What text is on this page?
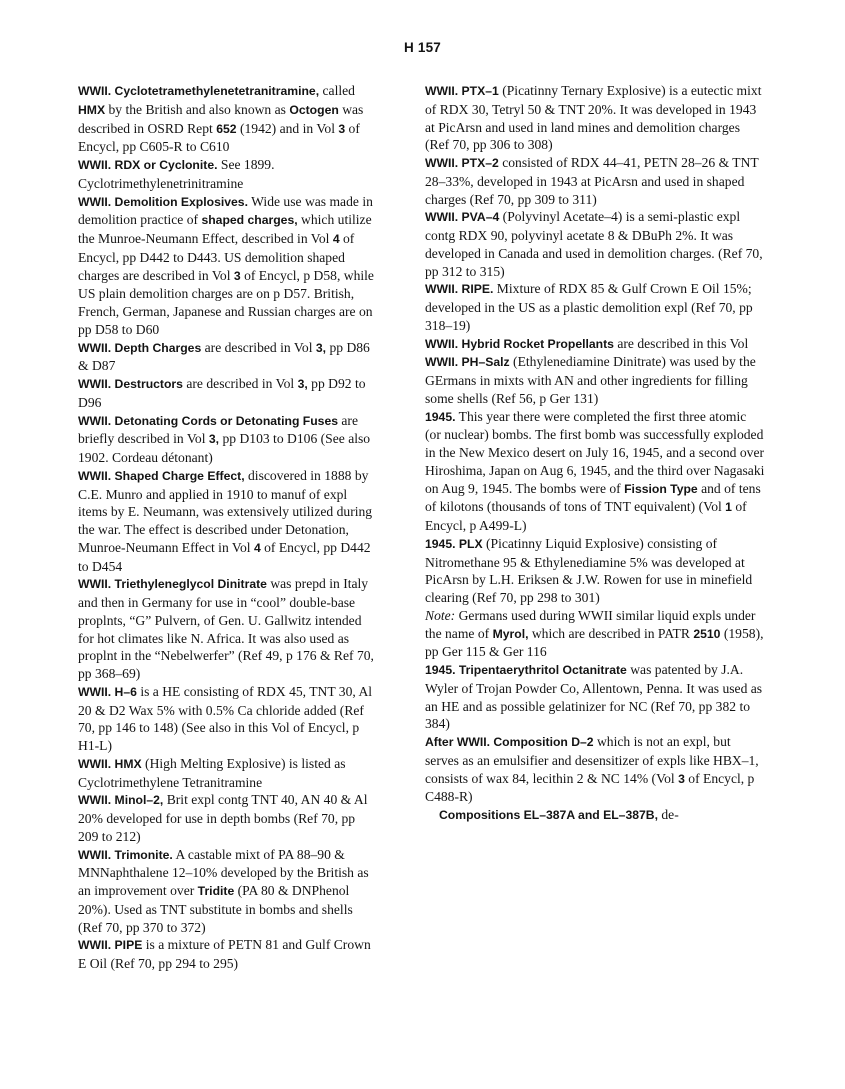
H 157

WWII. Cyclotetramethylenetetranitramine, called HMX by the British and also known as Octogen was described in OSRD Rept 652 (1942) and in Vol 3 of Encycl, pp C605-R to C610

WWII. RDX or Cyclonite. See 1899. Cyclotrimethylenetrinitramine

WWII. Demolition Explosives. Wide use was made in demolition practice of shaped charges, which utilize the Munroe-Neumann Effect, described in Vol 4 of Encycl, pp D442 to D443. US demolition shaped charges are described in Vol 3 of Encycl, p D58, while US plain demolition charges are on p D57. British, French, German, Japanese and Russian charges are on pp D58 to D60

WWII. Depth Charges are described in Vol 3, pp D86 & D87

WWII. Destructors are described in Vol 3, pp D92 to D96

WWII. Detonating Cords or Detonating Fuses are briefly described in Vol 3, pp D103 to D106 (See also 1902. Cordeau détonant)

WWII. Shaped Charge Effect, discovered in 1888 by C.E. Munro and applied in 1910 to manuf of expl items by E. Neumann, was extensively utilized during the war. The effect is described under Detonation, Munroe-Neumann Effect in Vol 4 of Encycl, pp D442 to D454

WWII. Triethyleneglycol Dinitrate was prepd in Italy and then in Germany for use in “cool” double-base proplnts, “G” Pulvern, of Gen. U. Gallwitz intended for hot climates like N. Africa. It was also used as proplnt in the “Nebelwerfer” (Ref 49, p 176 & Ref 70, pp 368–69)

WWII. H–6 is a HE consisting of RDX 45, TNT 30, Al 20 & D2 Wax 5% with 0.5% Ca chloride added (Ref 70, pp 146 to 148) (See also in this Vol of Encycl, p H1-L)

WWII. HMX (High Melting Explosive) is listed as Cyclotrimethylene Tetranitramine

WWII. Minol–2, Brit expl contg TNT 40, AN 40 & Al 20% developed for use in depth bombs (Ref 70, pp 209 to 212)

WWII. Trimonite. A castable mixt of PA 88–90 & MNNaphthalene 12–10% developed by the British as an improvement over Tridite (PA 80 & DNPhenol 20%). Used as TNT substitute in bombs and shells (Ref 70, pp 370 to 372)

WWII. PIPE is a mixture of PETN 81 and Gulf Crown E Oil (Ref 70, pp 294 to 295)

WWII. PTX–1 (Picatinny Ternary Explosive) is a eutectic mixt of RDX 30, Tetryl 50 & TNT 20%. It was developed in 1943 at PicArsn and used in land mines and demolition charges (Ref 70, pp 306 to 308)

WWII. PTX–2 consisted of RDX 44–41, PETN 28–26 & TNT 28–33%, developed in 1943 at PicArsn and used in shaped charges (Ref 70, pp 309 to 311)

WWII. PVA–4 (Polyvinyl Acetate–4) is a semi-plastic expl contg RDX 90, polyvinyl acetate 8 & DBuPh 2%. It was developed in Canada and used in demolition charges. (Ref 70, pp 312 to 315)

WWII. RIPE. Mixture of RDX 85 & Gulf Crown E Oil 15%; developed in the US as a plastic demolition expl (Ref 70, pp 318–19)

WWII. Hybrid Rocket Propellants are described in this Vol

WWII. PH–Salz (Ethylenediamine Dinitrate) was used by the GErmans in mixts with AN and other ingredients for filling some shells (Ref 56, p Ger 131)

1945. This year there were completed the first three atomic (or nuclear) bombs. The first bomb was successfully exploded in the New Mexico desert on July 16, 1945, and a second over Hiroshima, Japan on Aug 6, 1945, and the third over Nagasaki on Aug 9, 1945. The bombs were of Fission Type and of tens of kilotons (thousands of tons of TNT equivalent) (Vol 1 of Encycl, p A499-L)

1945. PLX (Picatinny Liquid Explosive) consisting of Nitromethane 95 & Ethylenediamine 5% was developed at PicArsn by L.H. Eriksen & J.W. Rowen for use in minefield clearing (Ref 70, pp 298 to 301)

Note: Germans used during WWII similar liquid expls under the name of Myrol, which are described in PATR 2510 (1958), pp Ger 115 & Ger 116

1945. Tripentaerythritol Octanitrate was patented by J.A. Wyler of Trojan Powder Co, Allentown, Penna. It was used as an HE and as possible gelatinizer for NC (Ref 70, pp 382 to 384)

After WWII. Composition D–2 which is not an expl, but serves as an emulsifier and desensitizer of expls like HBX–1, consists of wax 84, lecithin 2 & NC 14% (Vol 3 of Encycl, p C488-R)

Compositions EL–387A and EL–387B, de-
